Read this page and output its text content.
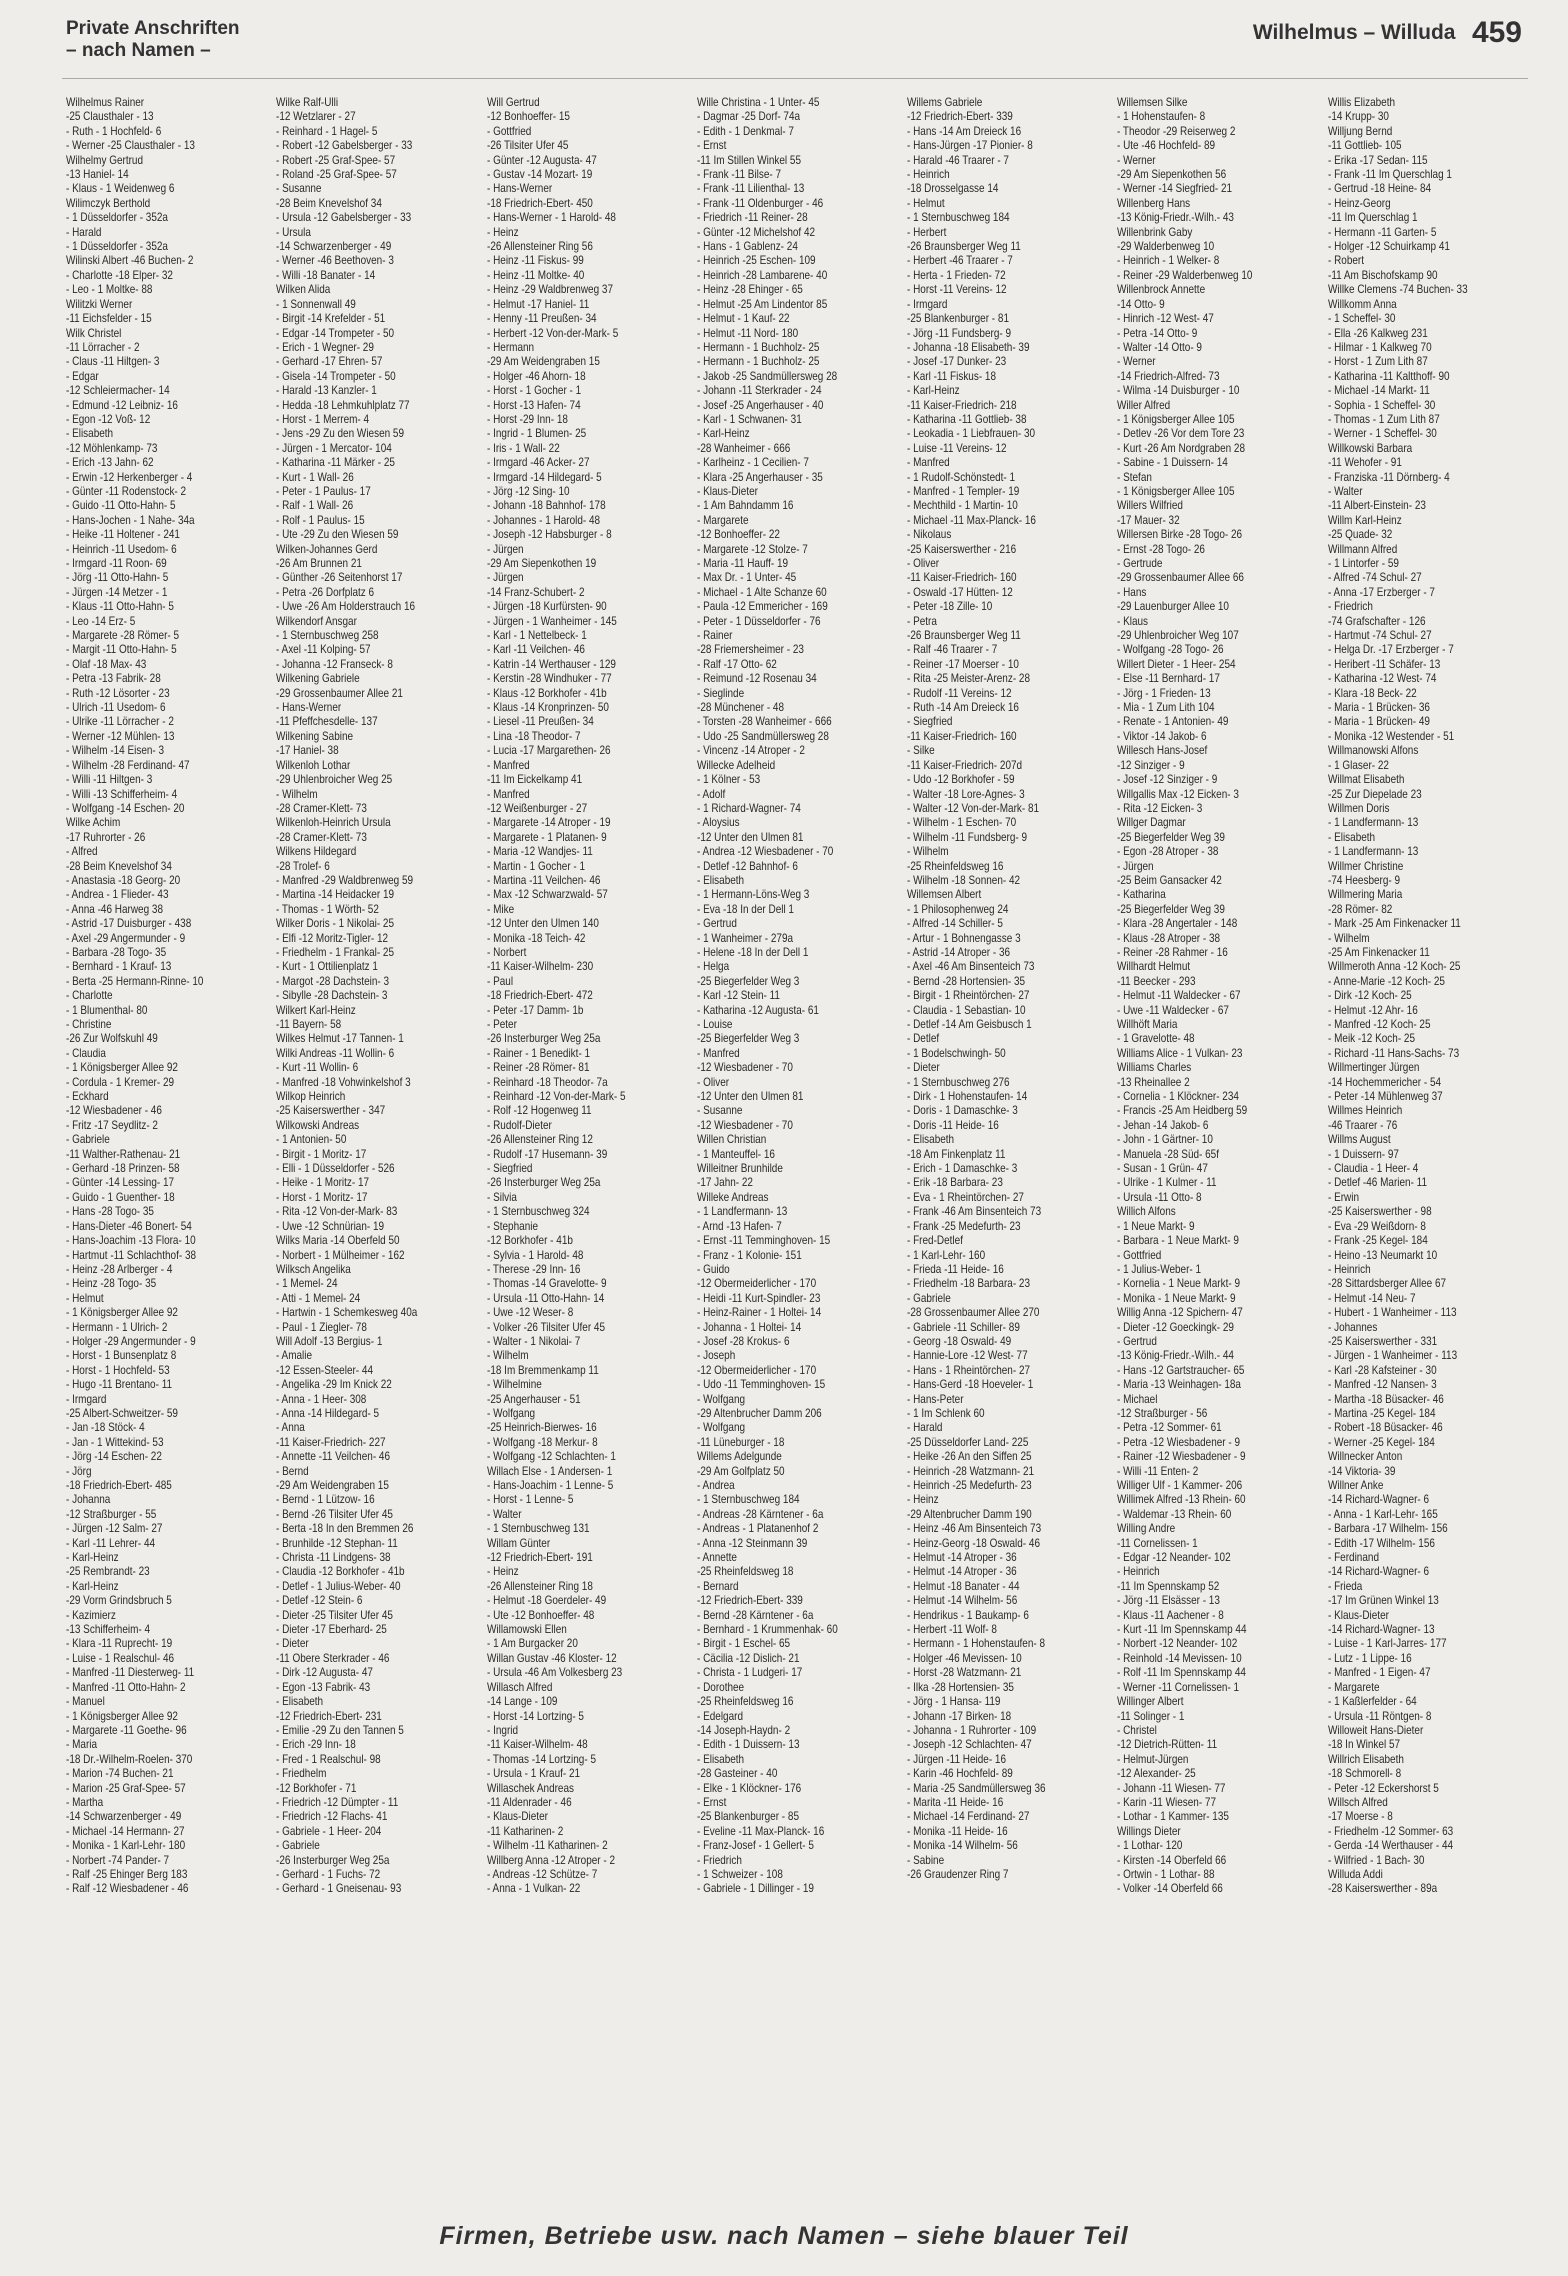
Private Anschriften
– nach Namen –
Wilhelmus – Willuda 459
Wilhelmus Rainer
-25 Clausthaler - 13
- Ruth - 1 Hochfeld- 6
- Werner -25 Clausthaler - 13
Wilhelmy Gertrud
-13 Haniel- 14
- Klaus - 1 Weidenweg 6
Wilimczyk Berthold
- 1 Düsseldorfer - 352a
- Harald
- 1 Düsseldorfer - 352a
Wilinski Albert -46 Buchen- 2
- Charlotte -18 Elper- 32
- Leo - 1 Moltke- 88
Wilitzki Werner
-11 Eichsfelder - 15
Wilk Christel
-11 Lörracher - 2
- Claus -11 Hiltgen- 3
- Edgar
-12 Schleiermacher- 14
- Edmund -12 Leibniz- 16
- Egon -12 Voß- 12
- Elisabeth
-12 Möhlenkamp- 73
- Erich -13 Jahn- 62
- Erwin -12 Herkenberger - 4
- Günter -11 Rodenstock- 2
- Guido -11 Otto-Hahn- 5
- Hans-Jochen - 1 Nahe- 34a
- Heike -11 Holtener - 241
- Heinrich -11 Usedom- 6
- Irmgard -11 Roon- 69
- Jörg -11 Otto-Hahn- 5
- Jürgen -14 Metzer - 1
- Klaus -11 Otto-Hahn- 5
- Leo -14 Erz- 5
- Margarete -28 Römer- 5
- Margit -11 Otto-Hahn- 5
- Olaf -18 Max- 43
- Petra -13 Fabrik- 28
- Ruth -12 Lösorter - 23
- Ulrich -11 Usedom- 6
- Ulrike -11 Lörracher - 2
- Werner -12 Mühlen- 13
- Wilhelm -14 Eisen- 3
- Wilhelm -28 Ferdinand- 47
- Willi -11 Hiltgen- 3
- Willi -13 Schifferheim- 4
- Wolfgang -14 Eschen- 20
Wilke Achim
-17 Ruhrorter - 26
- Alfred
-28 Beim Knevelshof 34
- Anastasia -18 Georg- 20
- Andrea - 1 Flieder- 43
- Anna -46 Harweg 38
- Astrid -17 Duisburger - 438
- Axel -29 Angermunder - 9
- Barbara -28 Togo- 35
- Bernhard - 1 Krauf- 13
- Berta -25 Hermann-Rinne- 10
- Charlotte
- 1 Blumenthal- 80
- Christine
-26 Zur Wolfskuhl 49
- Claudia
- 1 Königsberger Allee 92
- Cordula - 1 Kremer- 29
- Eckhard
-12 Wiesbadener - 46
- Fritz -17 Seydlitz- 2
- Gabriele
-11 Walther-Rathenau- 21
- Gerhard -18 Prinzen- 58
- Günter -14 Lessing- 17
- Guido - 1 Guenther- 18
- Hans -28 Togo- 35
- Hans-Dieter -46 Bonert- 54
- Hans-Joachim -13 Flora- 10
- Hartmut -11 Schlachthof- 38
- Heinz -28 Arlberger - 4
- Heinz -28 Togo- 35
- Helmut
- 1 Königsberger Allee 92
- Hermann - 1 Ulrich- 2
- Holger -29 Angermunder - 9
- Horst - 1 Bunsenplatz 8
- Horst - 1 Hochfeld- 53
- Hugo -11 Brentano- 11
- Irmgard
-25 Albert-Schweitzer- 59
- Jan -18 Stöck- 4
- Jan - 1 Wittekind- 53
- Jörg -14 Eschen- 22
- Jörg
-18 Friedrich-Ebert- 485
- Johanna
-12 Straßburger - 55
- Jürgen -12 Salm- 27
- Karl -11 Lehrer- 44
- Karl-Heinz
-25 Rembrandt- 23
- Karl-Heinz
-29 Vorm Grindsbruch 5
- Kazimierz
-13 Schifferheim- 4
- Klara -11 Ruprecht- 19
- Luise - 1 Realschul- 46
- Manfred -11 Diesterweg- 11
- Manfred -11 Otto-Hahn- 2
- Manuel
- 1 Königsberger Allee 92
- Margarete -11 Goethe- 96
- Maria
-18 Dr.-Wilhelm-Roelen- 370
- Marion -74 Buchen- 21
- Marion -25 Graf-Spee- 57
- Martha
-14 Schwarzenberger - 49
- Michael -14 Hermann- 27
- Monika - 1 Karl-Lehr- 180
- Norbert -74 Pander- 7
- Ralf -25 Ehinger Berg 183
- Ralf -12 Wiesbadener - 46
Wilke Ralf-Ulli
-12 Wetzlarer - 27
- Reinhard - 1 Hagel- 5
- Robert -12 Gabelsberger - 33
- Robert -25 Graf-Spee- 57
- Roland -25 Graf-Spee- 57
- Susanne
-28 Beim Knevelshof 34
- Ursula -12 Gabelsberger - 33
- Ursula
-14 Schwarzenberger - 49
- Werner -46 Beethoven- 3
- Willi -18 Banater - 14
Wilken Alida
- 1 Sonnenwall 49
- Birgit -14 Krefelder - 51
- Edgar -14 Trompeter - 50
- Erich - 1 Wegner- 29
- Gerhard -17 Ehren- 57
- Gisela -14 Trompeter - 50
- Harald -13 Kanzler- 1
- Hedda -18 Lehmkuhlplatz 77
- Horst - 1 Merrem- 4
- Jens -29 Zu den Wiesen 59
- Jürgen - 1 Mercator- 104
- Katharina -11 Märker - 25
- Kurt - 1 Wall- 26
- Peter - 1 Paulus- 17
- Ralf - 1 Wall- 26
- Rolf - 1 Paulus- 15
- Ute -29 Zu den Wiesen 59
Wilken-Johannes Gerd
-26 Am Brunnen 21
- Günther -26 Seitenhorst 17
- Petra -26 Dorfplatz 6
- Uwe -26 Am Holderstrauch 16
Wilkendorf Ansgar
- 1 Sternbuschweg 258
- Axel -11 Kolping- 57
- Johanna -12 Franseck- 8
Wilkening Gabriele
-29 Grossenbaumer Allee 21
- Hans-Werner
-11 Pfeffchesdelle- 137
Wilkening Sabine
-17 Haniel- 38
Wilkenloh Lothar
-29 Uhlenbroicher Weg 25
- Wilhelm
-28 Cramer-Klett- 73
Wilkenloh-Heinrich Ursula
-28 Cramer-Klett- 73
Wilkens Hildegard
-28 Trolef- 6
- Manfred -29 Waldbrenweg 59
- Martina -14 Heidacker 19
- Thomas - 1 Wörth- 52
Wilker Doris - 1 Nikolai- 25
- Elfi -12 Moritz-Tigler- 12
- Friedhelm - 1 Frankal- 25
- Kurt - 1 Ottilienplatz 1
- Margot -28 Dachstein- 3
- Sibylle -28 Dachstein- 3
Wilkert Karl-Heinz
-11 Bayern- 58
Wilkes Helmut -17 Tannen- 1
Wilki Andreas -11 Wollin- 6
- Kurt -11 Wollin- 6
- Manfred -18 Vohwinkelshof 3
Wilkop Heinrich
-25 Kaiserswerther - 347
Wilkowski Andreas
- 1 Antonien- 50
- Birgit - 1 Moritz- 17
- Elli - 1 Düsseldorfer - 526
- Heike - 1 Moritz- 17
- Horst - 1 Moritz- 17
- Rita -12 Von-der-Mark- 83
- Uwe -12 Schnürian- 19
Wilks Maria -14 Oberfeld 50
- Norbert - 1 Mülheimer - 162
Wilksch Angelika
- 1 Memel- 24
- Atti - 1 Memel- 24
- Hartwin - 1 Schemkesweg 40a
- Paul - 1 Ziegler- 78
Will Adolf -13 Bergius- 1
- Amalie
-12 Essen-Steeler- 44
- Angelika -29 Im Knick 22
- Anna - 1 Heer- 308
- Anna -14 Hildegard- 5
- Anna
-11 Kaiser-Friedrich- 227
- Annette -11 Veilchen- 46
- Bernd
-29 Am Weidengraben 15
- Bernd - 1 Lützow- 16
- Bernd -26 Tilsiter Ufer 45
- Berta -18 In den Bremmen 26
- Brunhilde -12 Stephan- 11
- Christa -11 Lindgens- 38
- Claudia -12 Borkhofer - 41b
- Detlef - 1 Julius-Weber- 40
- Detlef -12 Stein- 6
- Dieter -25 Tilsiter Ufer 45
- Dieter -17 Eberhard- 25
- Dieter
-11 Obere Sterkrader - 46
- Dirk -12 Augusta- 47
- Egon -13 Fabrik- 43
- Elisabeth
-12 Friedrich-Ebert- 231
- Emilie -29 Zu den Tannen 5
- Erich -29 Inn- 18
- Fred - 1 Realschul- 98
- Friedhelm
-12 Borkhofer - 71
- Friedrich -12 Dümpter - 11
- Friedrich -12 Flachs- 41
- Gabriele - 1 Heer- 204
- Gabriele
-26 Insterburger Weg 25a
- Gerhard - 1 Fuchs- 72
- Gerhard - 1 Gneisenau- 93
Will Gertrud
-12 Bonhoeffer- 15
- Gottfried
-26 Tilsiter Ufer 45
- Günter -12 Augusta- 47
- Gustav -14 Mozart- 19
- Hans-Werner
-18 Friedrich-Ebert- 450
- Hans-Werner - 1 Harold- 48
- Heinz
-26 Allensteiner Ring 56
- Heinz -11 Fiskus- 99
- Heinz -11 Moltke- 40
- Heinz -29 Waldbrenweg 37
- Helmut -17 Haniel- 11
- Henny -11 Preußen- 34
- Herbert -12 Von-der-Mark- 5
- Hermann
-29 Am Weidengraben 15
- Holger -46 Ahorn- 18
- Horst - 1 Gocher - 1
- Horst -13 Hafen- 74
- Horst -29 Inn- 18
- Ingrid - 1 Blumen- 25
- Iris - 1 Wall- 22
- Irmgard -46 Acker- 27
- Irmgard -14 Hildegard- 5
- Jörg -12 Sing- 10
- Johann -18 Bahnhof- 178
- Johannes - 1 Harold- 48
- Joseph -12 Habsburger - 8
- Jürgen
-29 Am Siepenkothen 19
- Jürgen
-14 Franz-Schubert- 2
- Jürgen -18 Kurfürsten- 90
- Jürgen - 1 Wanheimer - 145
- Karl - 1 Nettelbeck- 1
- Karl -11 Veilchen- 46
- Katrin -14 Werthauser - 129
- Kerstin -28 Windhuker - 77
- Klaus -12 Borkhofer - 41b
- Klaus -14 Kronprinzen- 50
- Liesel -11 Preußen- 34
- Lina -18 Theodor- 7
- Lucia -17 Margarethen- 26
- Manfred
-11 Im Eickelkamp 41
- Manfred
-12 Weißenburger - 27
- Margarete -14 Atroper - 19
- Margarete - 1 Platanen- 9
- Maria -12 Wandjes- 11
- Martin - 1 Gocher - 1
- Martina -11 Veilchen- 46
- Max -12 Schwarzwald- 57
- Mike
-12 Unter den Ulmen 140
- Monika -18 Teich- 42
- Norbert
-11 Kaiser-Wilhelm- 230
- Paul
-18 Friedrich-Ebert- 472
- Peter -17 Damm- 1b
- Peter
-26 Insterburger Weg 25a
- Rainer - 1 Benedikt- 1
- Reiner -28 Römer- 81
- Reinhard -18 Theodor- 7a
- Reinhard -12 Von-der-Mark- 5
- Rolf -12 Hogenweg 11
- Rudolf-Dieter
-26 Allensteiner Ring 12
- Rudolf -17 Husemann- 39
- Siegfried
-26 Insterburger Weg 25a
- Silvia
- 1 Sternbuschweg 324
- Stephanie
-12 Borkhofer - 41b
- Sylvia - 1 Harold- 48
- Therese -29 Inn- 16
- Thomas -14 Gravelotte- 9
- Ursula -11 Otto-Hahn- 14
- Uwe -12 Weser- 8
- Volker -26 Tilsiter Ufer 45
- Walter - 1 Nikolai- 7
- Wilhelm
-18 Im Bremmenkamp 11
- Wilhelmine
-25 Angerhauser - 51
- Wolfgang
-25 Heinrich-Bierwes- 16
- Wolfgang -18 Merkur- 8
- Wolfgang -12 Schlachten- 1
Willach Else - 1 Andersen- 1
- Hans-Joachim - 1 Lenne- 5
- Horst - 1 Lenne- 5
- Walter
- 1 Sternbuschweg 131
Willam Günter
-12 Friedrich-Ebert- 191
- Heinz
-26 Allensteiner Ring 18
- Helmut -18 Goerdeler- 49
- Ute -12 Bonhoeffer- 48
Willamowski Ellen
- 1 Am Burgacker 20
Willan Gustav -46 Kloster- 12
- Ursula -46 Am Volkesberg 23
Willasch Alfred
-14 Lange - 109
- Horst -14 Lortzing- 5
- Ingrid
-11 Kaiser-Wilhelm- 48
- Thomas -14 Lortzing- 5
- Ursula - 1 Krauf- 21
Willaschek Andreas
-11 Aldenrader - 46
- Klaus-Dieter
-11 Katharinen- 2
- Wilhelm -11 Katharinen- 2
Willberg Anna -12 Atroper - 2
- Andreas -12 Schütze- 7
- Anna - 1 Vulkan- 22
Wille Christina - 1 Unter- 45
- Dagmar -25 Dorf- 74a
- Edith - 1 Denkmal- 7
- Ernst
-11 Im Stillen Winkel 55
- Frank -11 Bilse- 7
- Frank -11 Lilienthal- 13
- Frank -11 Oldenburger - 46
- Friedrich -11 Reiner- 28
- Günter -12 Michelshof 42
- Hans - 1 Gablenz- 24
- Heinrich -25 Eschen- 109
- Heinrich -28 Lambarene- 40
- Heinz -28 Ehinger - 65
- Helmut -25 Am Lindentor 85
- Helmut - 1 Kauf- 22
- Helmut -11 Nord- 180
- Hermann - 1 Buchholz- 25
- Hermann - 1 Buchholz- 25
- Jakob -25 Sandmüllersweg 28
- Johann -11 Sterkrader - 24
- Josef -25 Angerhauser - 40
- Karl - 1 Schwanen- 31
- Karl-Heinz
-28 Wanheimer - 666
- Karlheinz - 1 Cecilien- 7
- Klara -25 Angerhauser - 35
- Klaus-Dieter
- 1 Am Bahndamm 16
- Margarete
-12 Bonhoeffer- 22
- Margarete -12 Stolze- 7
- Maria -11 Hauff- 19
- Max Dr. - 1 Unter- 45
- Michael - 1 Alte Schanze 60
- Paula -12 Emmericher - 169
- Peter - 1 Düsseldorfer - 76
- Rainer
-28 Friemersheimer - 23
- Ralf -17 Otto- 62
- Reimund -12 Rosenau 34
- Sieglinde
-28 Münchener - 48
- Torsten -28 Wanheimer - 666
- Udo -25 Sandmüllersweg 28
- Vincenz -14 Atroper - 2
Willecke Adelheid
- 1 Kölner - 53
- Adolf
- 1 Richard-Wagner- 74
- Aloysius
-12 Unter den Ulmen 81
- Andrea -12 Wiesbadener - 70
- Detlef -12 Bahnhof- 6
- Elisabeth
- 1 Hermann-Löns-Weg 3
- Eva -18 In der Dell 1
- Gertrud
- 1 Wanheimer - 279a
- Helene -18 In der Dell 1
- Helga
-25 Biegerfelder Weg 3
- Karl -12 Stein- 11
- Katharina -12 Augusta- 61
- Louise
-25 Biegerfelder Weg 3
- Manfred
-12 Wiesbadener - 70
- Oliver
-12 Unter den Ulmen 81
- Susanne
-12 Wiesbadener - 70
Willen Christian
- 1 Manteuffel- 16
Willeitner Brunhilde
-17 Jahn- 22
Willeke Andreas
- 1 Landfermann- 13
- Arnd -13 Hafen- 7
- Ernst -11 Temminghoven- 15
- Franz - 1 Kolonie- 151
- Guido
-12 Obermeiderlicher - 170
- Heidi -11 Kurt-Spindler- 23
- Heinz-Rainer - 1 Holtei- 14
- Johanna - 1 Holtei- 14
- Josef -28 Krokus- 6
- Joseph
-12 Obermeiderlicher - 170
- Udo -11 Temminghoven- 15
- Wolfgang
-29 Altenbrucher Damm 206
- Wolfgang
-11 Lüneburger - 18
Willems Adelgunde
-29 Am Golfplatz 50
- Andrea
- 1 Sternbuschweg 184
- Andreas -28 Kärntener - 6a
- Andreas - 1 Platanenhof 2
- Anna -12 Steinmann 39
- Annette
-25 Rheinfeldsweg 18
- Bernard
-12 Friedrich-Ebert- 339
- Bernd -28 Kärntener - 6a
- Bernhard - 1 Krummenhak- 60
- Birgit - 1 Eschel- 65
- Cäcilia -12 Dislich- 21
- Christa - 1 Ludgeri- 17
- Dorothee
-25 Rheinfeldsweg 16
- Edelgard
-14 Joseph-Haydn- 2
- Edith - 1 Duissern- 13
- Elisabeth
-28 Gasteiner - 40
- Elke - 1 Klöckner- 176
- Ernst
-25 Blankenburger - 85
- Eveline -11 Max-Planck- 16
- Franz-Josef - 1 Gellert- 5
- Friedrich
- 1 Schweizer - 108
- Gabriele - 1 Dillinger - 19
Willems Gabriele
-12 Friedrich-Ebert- 339
- Hans -14 Am Dreieck 16
- Hans-Jürgen -17 Pionier- 8
- Harald -46 Traarer - 7
- Heinrich
-18 Drosselgasse 14
- Helmut
- 1 Sternbuschweg 184
- Herbert
-26 Braunsberger Weg 11
- Herbert -46 Traarer - 7
- Herta - 1 Frieden- 72
- Horst -11 Vereins- 12
- Irmgard
-25 Blankenburger - 81
- Jörg -11 Fundsberg- 9
- Johanna -18 Elisabeth- 39
- Josef -17 Dunker- 23
- Karl -11 Fiskus- 18
- Karl-Heinz
-11 Kaiser-Friedrich- 218
- Katharina -11 Gottlieb- 38
- Leokadia - 1 Liebfrauen- 30
- Luise -11 Vereins- 12
- Manfred
- 1 Rudolf-Schönstedt- 1
- Manfred - 1 Templer- 19
- Mechthild - 1 Martin- 10
- Michael -11 Max-Planck- 16
- Nikolaus
-25 Kaiserswerther - 216
- Oliver
-11 Kaiser-Friedrich- 160
- Oswald -17 Hütten- 12
- Peter -18 Zille- 10
- Petra
-26 Braunsberger Weg 11
- Ralf -46 Traarer - 7
- Reiner -17 Moerser - 10
- Rita -25 Meister-Arenz- 28
- Rudolf -11 Vereins- 12
- Ruth -14 Am Dreieck 16
- Siegfried
-11 Kaiser-Friedrich- 160
- Silke
-11 Kaiser-Friedrich- 207d
- Udo -12 Borkhofer - 59
- Walter -18 Lore-Agnes- 3
- Walter -12 Von-der-Mark- 81
- Wilhelm - 1 Eschen- 70
- Wilhelm -11 Fundsberg- 9
- Wilhelm
-25 Rheinfeldsweg 16
- Wilhelm -18 Sonnen- 42
Willemsen Albert
- 1 Philosophenweg 24
- Alfred -14 Schiller- 5
- Artur - 1 Bohnengasse 3
- Astrid -14 Atroper - 36
- Axel -46 Am Binsenteich 73
- Bernd -28 Hortensien- 35
- Birgit - 1 Rheintörchen- 27
- Claudia - 1 Sebastian- 10
- Detlef -14 Am Geisbusch 1
- Detlef
- 1 Bodelschwingh- 50
- Dieter
- 1 Sternbuschweg 276
- Dirk - 1 Hohenstaufen- 14
- Doris - 1 Damaschke- 3
- Doris -11 Heide- 16
- Elisabeth
-18 Am Finkenplatz 11
- Erich - 1 Damaschke- 3
- Erik -18 Barbara- 23
- Eva - 1 Rheintörchen- 27
- Frank -46 Am Binsenteich 73
- Frank -25 Medefurth- 23
- Fred-Detlef
- 1 Karl-Lehr- 160
- Frieda -11 Heide- 16
- Friedhelm -18 Barbara- 23
- Gabriele
-28 Grossenbaumer Allee 270
- Gabriele -11 Schiller- 89
- Georg -18 Oswald- 49
- Hannie-Lore -12 West- 77
- Hans - 1 Rheintörchen- 27
- Hans-Gerd -18 Hoeveler- 1
- Hans-Peter
- 1 Im Schlenk 60
- Harald
-25 Düsseldorfer Land- 225
- Heike -26 An den Siffen 25
- Heinrich -28 Watzmann- 21
- Heinrich -25 Medefurth- 23
- Heinz
-29 Altenbrucher Damm 190
- Heinz -46 Am Binsenteich 73
- Heinz-Georg -18 Oswald- 46
- Helmut -14 Atroper - 36
- Helmut -14 Atroper - 36
- Helmut -18 Banater - 44
- Helmut -14 Wilhelm- 56
- Hendrikus - 1 Baukamp- 6
- Herbert -11 Wolf- 8
- Hermann - 1 Hohenstaufen- 8
- Holger -46 Mevissen- 10
- Horst -28 Watzmann- 21
- Ilka -28 Hortensien- 35
- Jörg - 1 Hansa- 119
- Johann -17 Birken- 18
- Johanna - 1 Ruhrorter - 109
- Joseph -12 Schlachten- 47
- Jürgen -11 Heide- 16
- Karin -46 Hochfeld- 89
- Maria -25 Sandmüllersweg 36
- Marita -11 Heide- 16
- Michael -14 Ferdinand- 27
- Monika -11 Heide- 16
- Monika -14 Wilhelm- 56
- Sabine
-26 Graudenzer Ring 7
Willemsen Silke
- 1 Hohenstaufen- 8
- Theodor -29 Reiserweg 2
- Ute -46 Hochfeld- 89
- Werner
-29 Am Siepenkothen 56
- Werner -14 Siegfried- 21
Willenberg Hans
-13 König-Friedr.-Wilh.- 43
Willenbrink Gaby
-29 Walderbenweg 10
- Heinrich - 1 Welker- 8
- Reiner -29 Walderbenweg 10
Willenbrock Annette
-14 Otto- 9
- Hinrich -12 West- 47
- Petra -14 Otto- 9
- Walter -14 Otto- 9
- Werner
-14 Friedrich-Alfred- 73
- Wilma -14 Duisburger - 10
Willer Alfred
- 1 Königsberger Allee 105
- Detlev -26 Vor dem Tore 23
- Kurt -26 Am Nordgraben 28
- Sabine - 1 Duissern- 14
- Stefan
- 1 Königsberger Allee 105
Willers Wilfried
-17 Mauer- 32
Willersen Birke -28 Togo- 26
- Ernst -28 Togo- 26
- Gertrude
-29 Grossenbaumer Allee 66
- Hans
-29 Lauenburger Allee 10
- Klaus
-29 Uhlenbroicher Weg 107
- Wolfgang -28 Togo- 26
Willert Dieter - 1 Heer- 254
- Else -11 Bernhard- 17
- Jörg - 1 Frieden- 13
- Mia - 1 Zum Lith 104
- Renate - 1 Antonien- 49
- Viktor -14 Jakob- 6
Willesch Hans-Josef
-12 Sinziger - 9
- Josef -12 Sinziger - 9
Willgallis Max -12 Eicken- 3
- Rita -12 Eicken- 3
Willger Dagmar
-25 Biegerfelder Weg 39
- Egon -28 Atroper - 38
- Jürgen
-25 Beim Gansacker 42
- Katharina
-25 Biegerfelder Weg 39
- Klara -28 Angertaler - 148
- Klaus -28 Atroper - 38
- Reiner -28 Rahmer - 16
Willhardt Helmut
-11 Beecker - 293
- Helmut -11 Waldecker - 67
- Uwe -11 Waldecker - 67
Willhöft Maria
- 1 Gravelotte- 48
Williams Alice - 1 Vulkan- 23
Williams Charles
-13 Rheinallee 2
- Cornelia - 1 Klöckner- 234
- Francis -25 Am Heidberg 59
- Jehan -14 Jakob- 6
- John - 1 Gärtner- 10
- Manuela -28 Süd- 65f
- Susan - 1 Grün- 47
- Ulrike - 1 Kulmer - 11
- Ursula -11 Otto- 8
Willich Alfons
- 1 Neue Markt- 9
- Barbara - 1 Neue Markt- 9
- Gottfried
- 1 Julius-Weber- 1
- Kornelia - 1 Neue Markt- 9
- Monika - 1 Neue Markt- 9
Willig Anna -12 Spichern- 47
- Dieter -12 Goeckingk- 29
- Gertrud
-13 König-Friedr.-Wilh.- 44
- Hans -12 Gartstraucher- 65
- Maria -13 Weinhagen- 18a
- Michael
-12 Straßburger - 56
- Petra -12 Sommer- 61
- Petra -12 Wiesbadener - 9
- Rainer -12 Wiesbadener - 9
- Willi -11 Enten- 2
Williger Ulf - 1 Kammer- 206
Willimek Alfred -13 Rhein- 60
- Waldemar -13 Rhein- 60
Willing Andre
-11 Cornelissen- 1
- Edgar -12 Neander- 102
- Heinrich
-11 Im Spennskamp 52
- Jörg -11 Elsässer - 13
- Klaus -11 Aachener - 8
- Kurt -11 Im Spennskamp 44
- Norbert -12 Neander- 102
- Reinhold -14 Mevissen- 10
- Rolf -11 Im Spennskamp 44
- Werner -11 Cornelissen- 1
Willinger Albert
-11 Solinger - 1
- Christel
-12 Dietrich-Rütten- 11
- Helmut-Jürgen
-12 Alexander- 25
- Johann -11 Wiesen- 77
- Karin -11 Wiesen- 77
- Lothar - 1 Kammer- 135
Willings Dieter
- 1 Lothar- 120
- Kirsten -14 Oberfeld 66
- Ortwin - 1 Lothar- 88
- Volker -14 Oberfeld 66
Willis Elizabeth
-14 Krupp- 30
Willjung Bernd
-11 Gottlieb- 105
- Erika -17 Sedan- 115
- Frank -11 Im Querschlag 1
- Gertrud -18 Heine- 84
- Heinz-Georg
-11 Im Querschlag 1
- Hermann -11 Garten- 5
- Holger -12 Schuirkamp 41
- Robert
-11 Am Bischofskamp 90
Willke Clemens -74 Buchen- 33
Willkomm Anna
- 1 Scheffel- 30
- Ella -26 Kalkweg 231
- Hilmar - 1 Kalkweg 70
- Horst - 1 Zum Lith 87
- Katharina -11 Kaltthoff- 90
- Michael -14 Markt- 11
- Sophia - 1 Scheffel- 30
- Thomas - 1 Zum Lith 87
- Werner - 1 Scheffel- 30
Willkowski Barbara
-11 Wehofer - 91
- Franziska -11 Dörnberg- 4
- Walter
-11 Albert-Einstein- 23
Willm Karl-Heinz
-25 Quade- 32
Willmann Alfred
- 1 Lintorfer - 59
- Alfred -74 Schul- 27
- Anna -17 Erzberger - 7
- Friedrich
-74 Grafschafter - 126
- Hartmut -74 Schul- 27
- Helga Dr. -17 Erzberger - 7
- Heribert -11 Schäfer- 13
- Katharina -12 West- 74
- Klara -18 Beck- 22
- Maria - 1 Brücken- 36
- Maria - 1 Brücken- 49
- Monika -12 Westender - 51
Willmanowski Alfons
- 1 Glaser- 22
Willmat Elisabeth
-25 Zur Diepelade 23
Willmen Doris
- 1 Landfermann- 13
- Elisabeth
- 1 Landfermann- 13
Willmer Christine
-74 Heesberg- 9
Willmering Maria
-28 Römer- 82
- Mark -25 Am Finkenacker 11
- Wilhelm
-25 Am Finkenacker 11
Willmeroth Anna -12 Koch- 25
- Anne-Marie -12 Koch- 25
- Dirk -12 Koch- 25
- Helmut -12 Ahr- 16
- Manfred -12 Koch- 25
- Meik -12 Koch- 25
- Richard -11 Hans-Sachs- 73
Willmertinger Jürgen
-14 Hochemmericher - 54
- Peter -14 Mühlenweg 37
Willmes Heinrich
-46 Traarer - 76
Willms August
- 1 Duissern- 97
- Claudia - 1 Heer- 4
- Detlef -46 Marien- 11
- Erwin
-25 Kaiserswerther - 98
- Eva -29 Weißdorn- 8
- Frank -25 Kegel- 184
- Heino -13 Neumarkt 10
- Heinrich
-28 Sittardsberger Allee 67
- Helmut -14 Neu- 7
- Hubert - 1 Wanheimer - 113
- Johannes
-25 Kaiserswerther - 331
- Jürgen - 1 Wanheimer - 113
- Karl -28 Kafsteiner - 30
- Manfred -12 Nansen- 3
- Martha -18 Büsacker- 46
- Martina -25 Kegel- 184
- Robert -18 Büsacker- 46
- Werner -25 Kegel- 184
Willnecker Anton
-14 Viktoria- 39
Willner Anke
-14 Richard-Wagner- 6
- Anna - 1 Karl-Lehr- 165
- Barbara -17 Wilhelm- 156
- Edith -17 Wilhelm- 156
- Ferdinand
-14 Richard-Wagner- 6
- Frieda
-17 Im Grünen Winkel 13
- Klaus-Dieter
-14 Richard-Wagner- 13
- Luise - 1 Karl-Jarres- 177
- Lutz - 1 Lippe- 16
- Manfred - 1 Eigen- 47
- Margarete
- 1 Kaßlerfelder - 64
- Ursula -11 Röntgen- 8
Willoweit Hans-Dieter
-18 In Winkel 57
Willrich Elisabeth
-18 Schmorell- 8
- Peter -12 Eckershorst 5
Willsch Alfred
-17 Moerse - 8
- Friedhelm -12 Sommer- 63
- Gerda -14 Werthauser - 44
- Wilfried - 1 Bach- 30
Willuda Addi
-28 Kaiserswerther - 89a
Firmen, Betriebe usw. nach Namen – siehe blauer Teil
